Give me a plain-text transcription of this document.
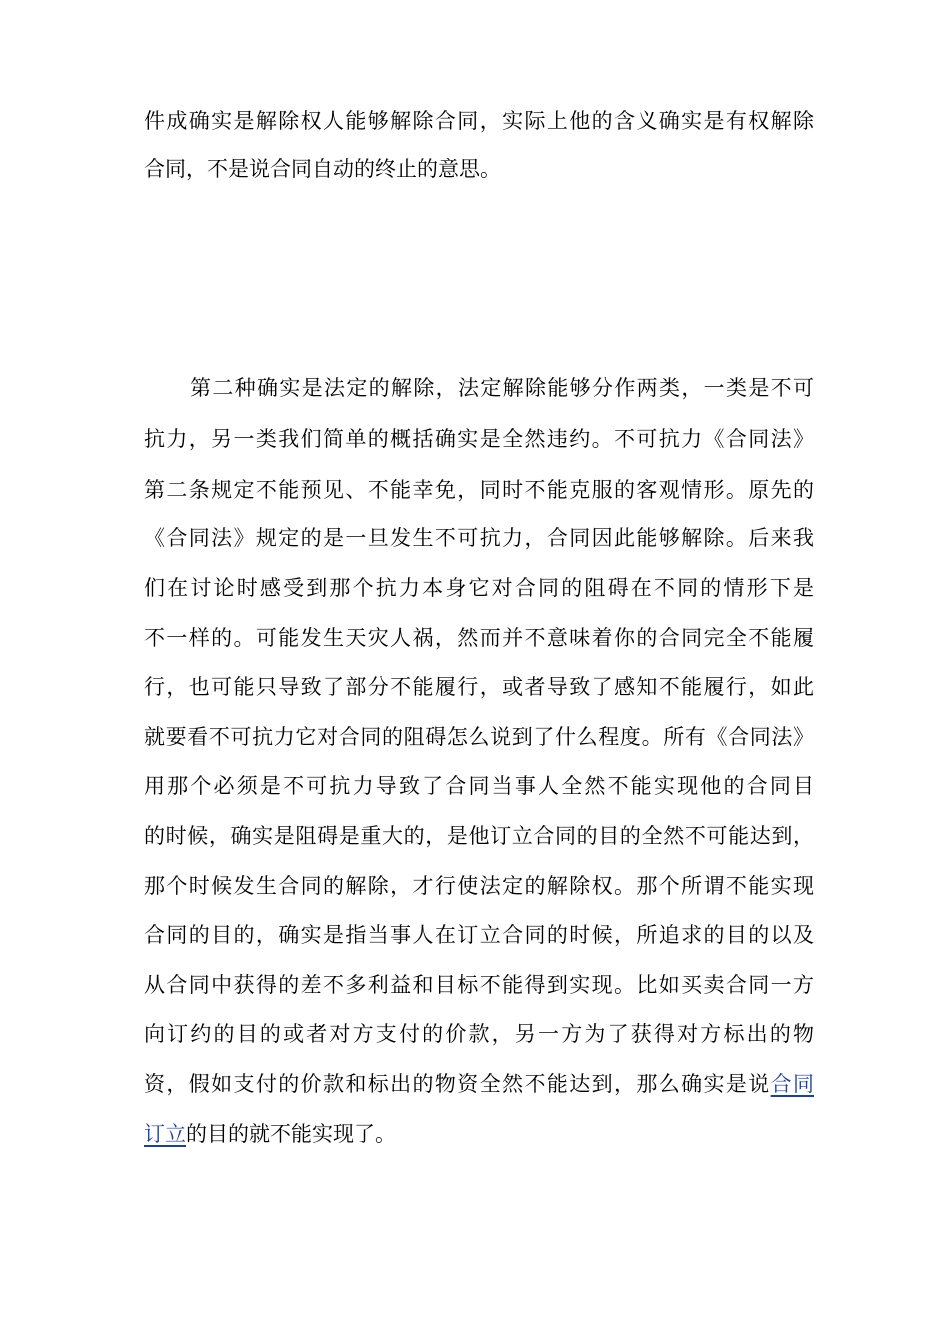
件成确实是解除权人能够解除合同，实际上他的含义确实是有权解除
合同，不是说合同自动的终止的意思。
第二种确实是法定的解除，法定解除能够分作两类，一类是不可
抗力，另一类我们简单的概括确实是全然违约。不可抗力《合同法》
第二条规定不能预见、不能幸免，同时不能克服的客观情形。原先的
《合同法》规定的是一旦发生不可抗力，合同因此能够解除。后来我
们在讨论时感受到那个抗力本身它对合同的阻碍在不同的情形下是
不一样的。可能发生天灾人祸，然而并不意味着你的合同完全不能履
行，也可能只导致了部分不能履行，或者导致了感知不能履行，如此
就要看不可抗力它对合同的阻碍怎么说到了什么程度。所有《合同法》
用那个必须是不可抗力导致了合同当事人全然不能实现他的合同目
的时候，确实是阻碍是重大的，是他订立合同的目的全然不可能达到，
那个时候发生合同的解除，才行使法定的解除权。那个所谓不能实现
合同的目的，确实是指当事人在订立合同的时候，所追求的目的以及
从合同中获得的差不多利益和目标不能得到实现。比如买卖合同一方
向订约的目的或者对方支付的价款，另一方为了获得对方标出的物
资，假如支付的价款和标出的物资全然不能达到，那么确实是说合同
订立的目的就不能实现了。
